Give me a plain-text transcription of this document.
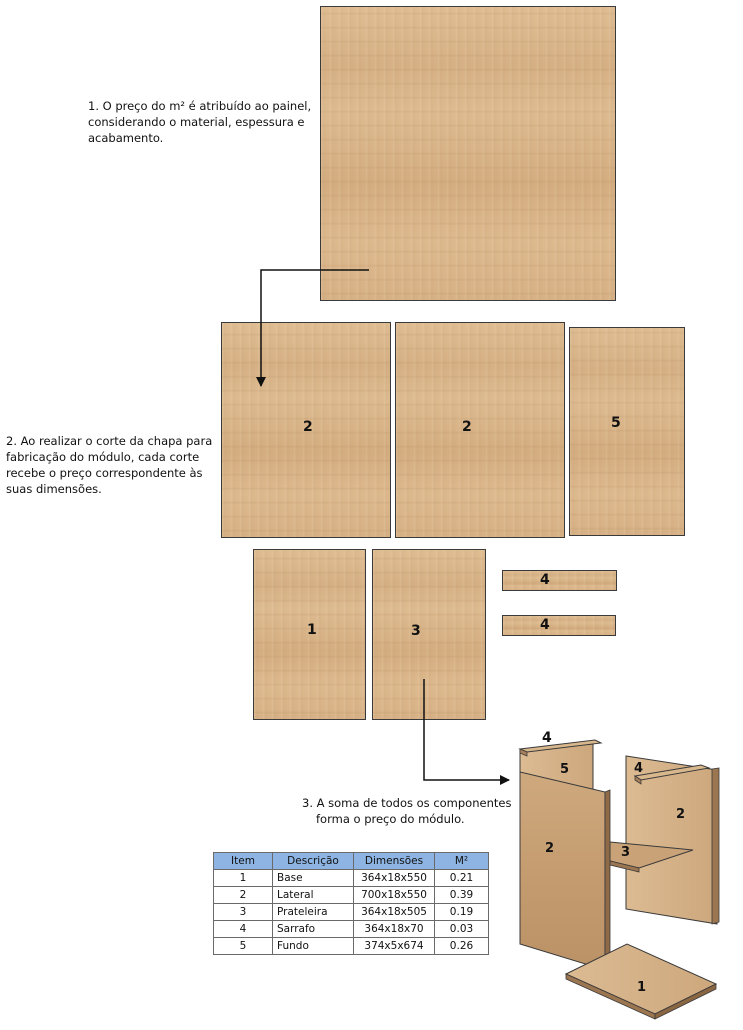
1. O preço do m² é atribuído ao painel,
considerando o material, espessura e
acabamento.
2	2	5
2. Ao realizar o corte da chapa para
fabricação do módulo, cada corte
recebe o preço correspondente às
suas dimensões.
1	3
4
4
3. A soma de todos os componentes
forma o preço do módulo.
Item	Descrição	Dimensões	M²
1	Base	364x18x550	0.21
2	Lateral	700x18x550	0.39
3	Prateleira	364x18x505	0.19
4	Sarrafo	364x18x70	0.03
5	Fundo	374x5x674	0.26
4
5	4
2
2	3
1
